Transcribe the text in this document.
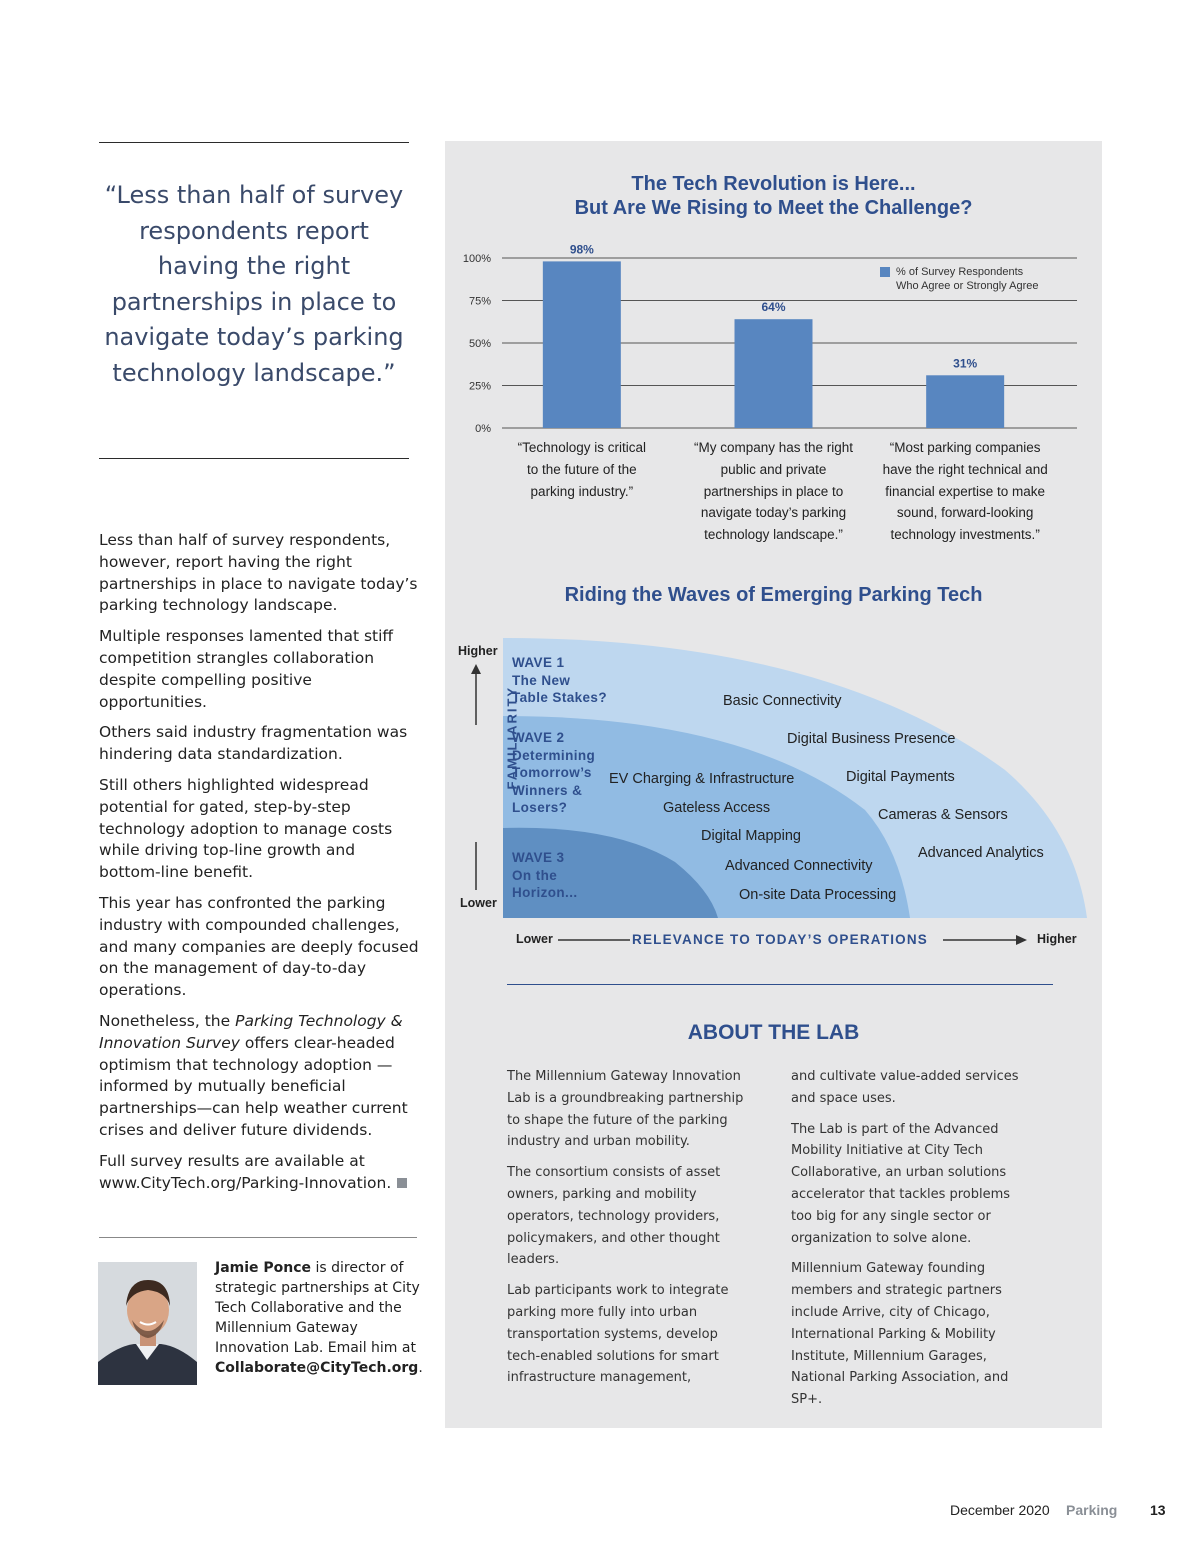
“Less than half of survey respondents report having the right partnerships in place to navigate today’s parking technology landscape.”

Less than half of survey respondents, however, report having the right partnerships in place to navigate today’s parking technology landscape.

Multiple responses lamented that stiff competition strangles collaboration despite compelling positive opportunities.

Others said industry fragmentation was hindering data standardization.

Still others highlighted widespread potential for gated, step-by-step technology adoption to manage costs while driving top-line growth and bottom-line benefit.

This year has confronted the parking industry with compounded challenges, and many companies are deeply focused on the management of day-to-day operations.

Nonetheless, the Parking Technology & Innovation Survey offers clear-headed optimism that technology adoption —informed by mutually beneficial partnerships—can help weather current crises and deliver future dividends.

Full survey results are available at www.CityTech.org/Parking-Innovation.

Jamie Ponce is director of strategic partnerships at City Tech Collaborative and the Millennium Gateway Innovation Lab. Email him at Collaborate@CityTech.org.
The Tech Revolution is Here...
But Are We Rising to Meet the Challenge?
100%
75%
50%
25%
0%
98%
64%
31%
% of Survey Respondents
Who Agree or Strongly Agree
“Technology is critical
to the future of the
parking industry.”
“My company has the right
public and private
partnerships in place to
navigate today’s parking
technology landscape.”
“Most parking companies
have the right technical and
financial expertise to make
sound, forward-looking
technology investments.”
Riding the Waves of Emerging Parking Tech
WAVE 1
The New
Table Stakes?
WAVE 2
Determining
Tomorrow’s
Winners &
Losers?
WAVE 3
On the
Horizon...
Basic Connectivity
Digital Business Presence
EV Charging & Infrastructure	Digital Payments
Gateless Access	Cameras & Sensors
Digital Mapping
Advanced Analytics
Advanced Connectivity
On-site Data Processing
Higher
Lower
FAMILIARITY
Lower	RELEVANCE TO TODAY’S OPERATIONS	Higher
ABOUT THE LAB

The Millennium Gateway Innovation Lab is a groundbreaking partnership to shape the future of the parking industry and urban mobility.

The consortium consists of asset owners, parking and mobility operators, technology providers, policymakers, and other thought leaders.

Lab participants work to integrate parking more fully into urban transportation systems, develop tech-enabled solutions for smart infrastructure management,

and cultivate value-added services and space uses.

The Lab is part of the Advanced Mobility Initiative at City Tech Collaborative, an urban solutions accelerator that tackles problems too big for any single sector or organization to solve alone.

Millennium Gateway founding members and strategic partners include Arrive, city of Chicago, International Parking & Mobility Institute, Millennium Garages, National Parking Association, and SP+.

December 2020 Parking 13
